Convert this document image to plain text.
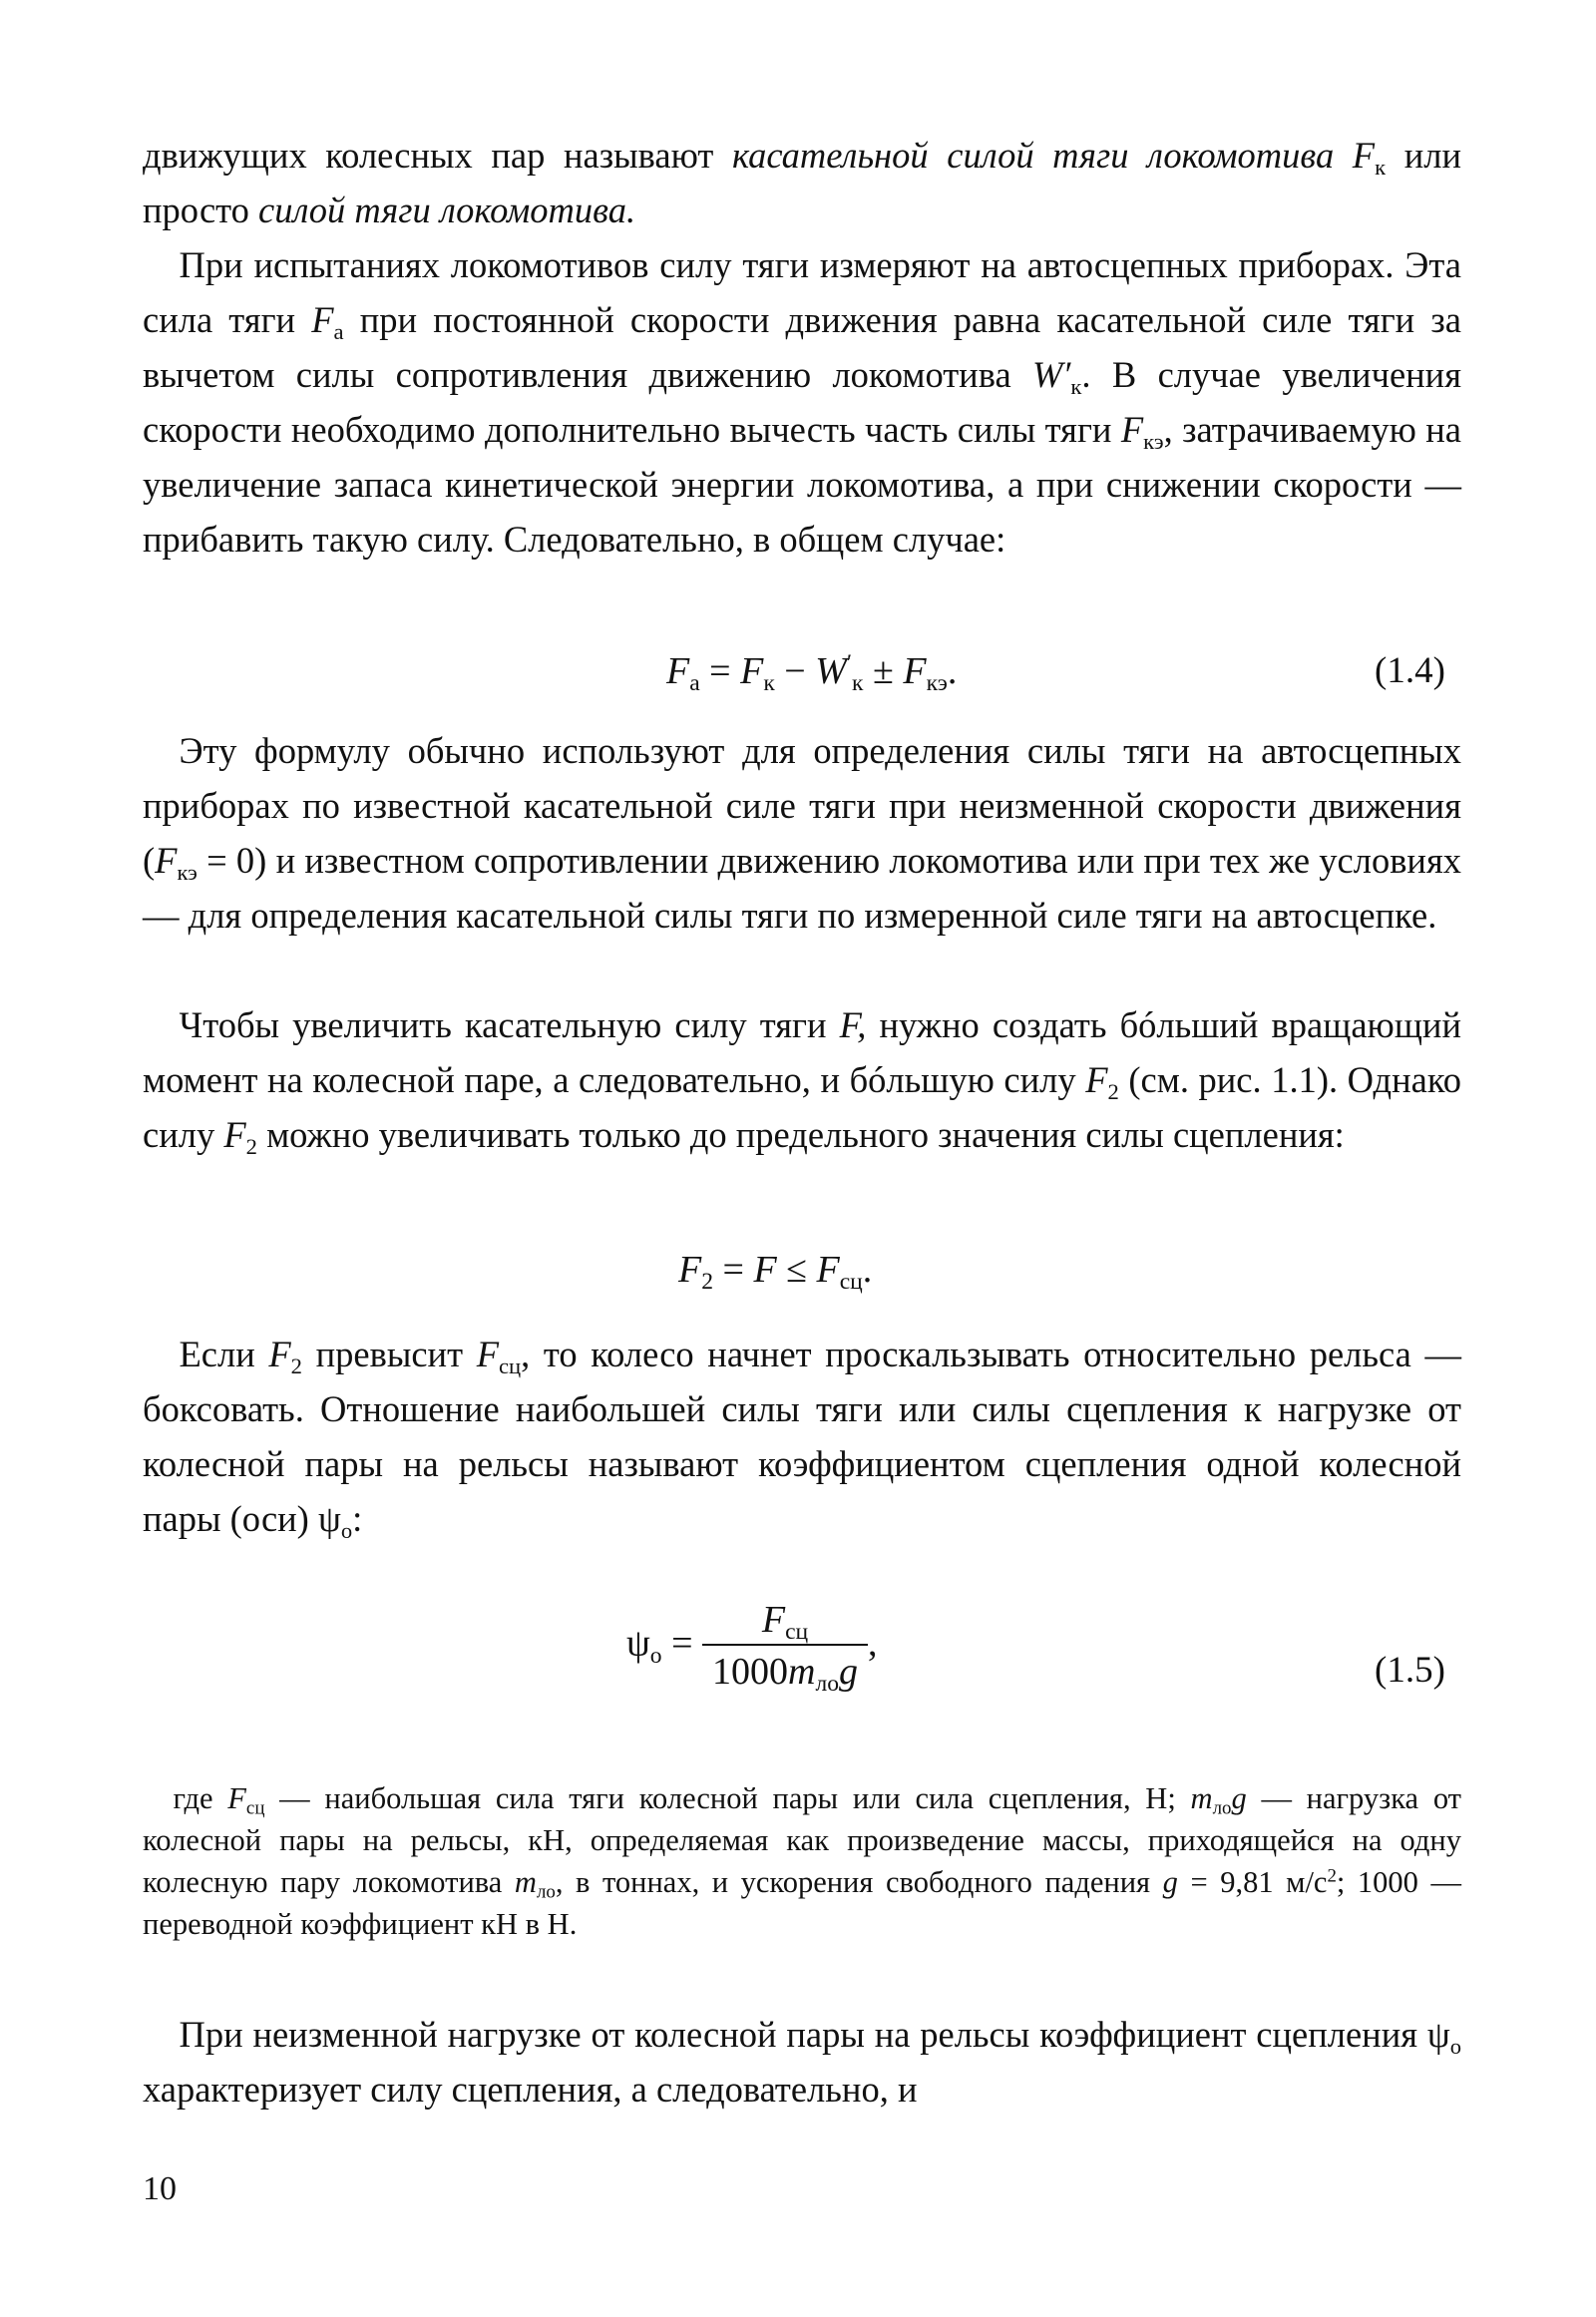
движущих колесных пар называют касательной силой тяги локомотива $F_к$ или просто силой тяги локомотива.

 При испытаниях локомотивов силу тяги измеряют на автосцепных приборах. Эта сила тяги $F_а$ при постоянной скорости движения равна касательной силе тяги за вычетом силы сопротивления движению локомотива $W'_к$. В случае увеличения скорости необходимо дополнительно вычесть часть силы тяги $F_{кэ}$, затрачиваемую на увеличение запаса кинетической энергии локомотива, а при снижении скорости — прибавить такую силу. Следовательно, в общем случае:

$F_а = F_к - W'_к \pm F_{кэ}$.	(1.4)

 Эту формулу обычно используют для определения силы тяги на автосцепных приборах по известной касательной силе тяги при неизменной скорости движения $(F_{кэ} = 0)$ и известном сопротивлении движению локомотива или при тех же условиях — для определения касательной силы тяги по измеренной силе тяги на автосцепке.

 Чтобы увеличить касательную силу тяги F, нужно создать бóльший вращающий момент на колесной паре, а следовательно, и бóльшую силу $F_2$ (см. рис. 1.1). Однако силу $F_2$ можно увеличивать только до предельного значения силы сцепления:

$F_2 = F \le F_{сц}$.

 Если $F_2$ превысит $F_{сц}$, то колесо начнет проскальзывать относительно рельса — боксовать. Отношение наибольшей силы тяги или силы сцепления к нагрузке от колесной пары на рельсы называют коэффициентом сцепления одной колесной пары (оси) $\psi_о$:

$\psi_о = \frac{F_{сц}}{1000m_{ло}g}$ ,
(1.5)

 где $F_{сц}$ — наибольшая сила тяги колесной пары или сила сцепления, Н; $m_{ло}g$ — нагрузка от колесной пары на рельсы, кН, определяемая как произведение массы, приходящейся на одну колесную пару локомотива $m_{ло}$, в тоннах, и ускорения свободного падения g = 9,81 $м/с^2$; 1000 — переводной коэффициент кН в Н.

 При неизменной нагрузке от колесной пары на рельсы коэффициент сцепления $\psi_о$ характеризует силу сцепления, а следовательно, и

10
